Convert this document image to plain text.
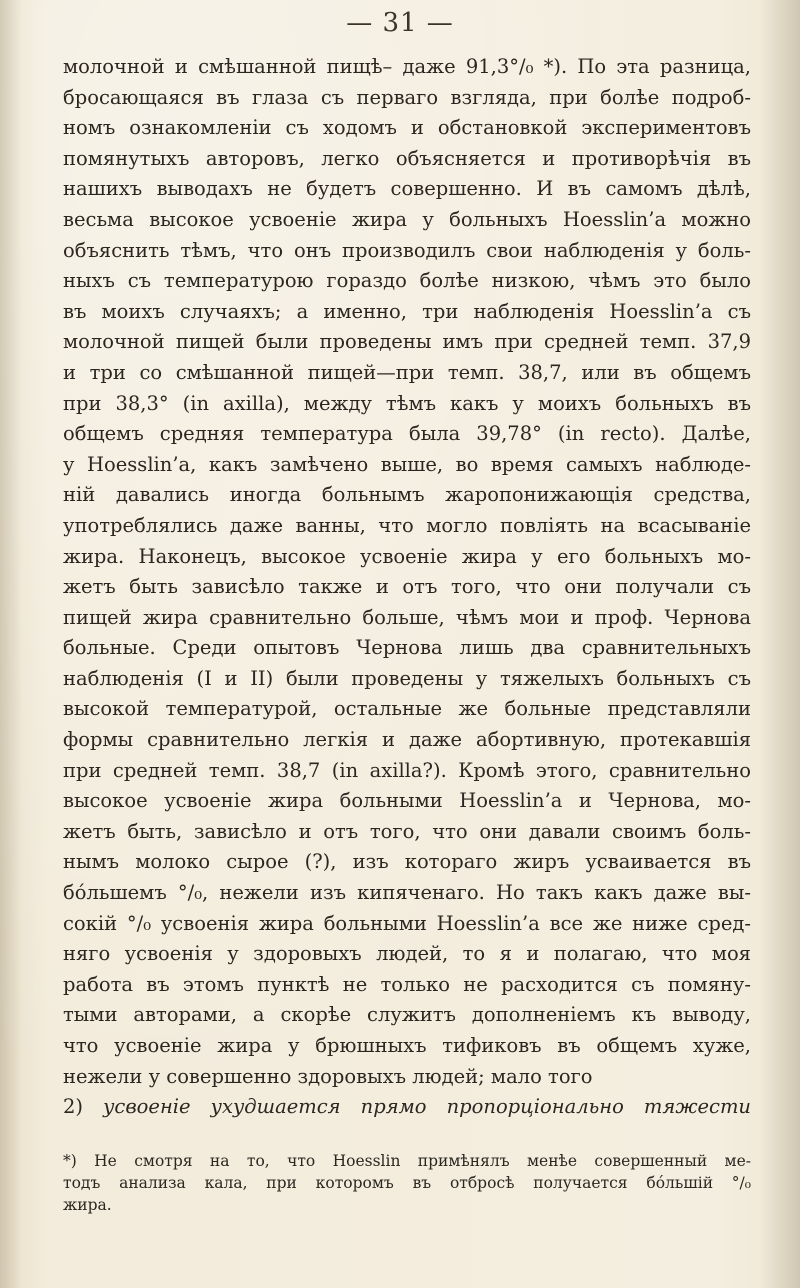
— 31 —
молочной и смѣшанной пищѣ– даже 91,3°/₀ *). По эта разница,
бросающаяся въ глаза съ перваго взгляда, при болѣе подроб-
номъ ознакомленіи съ ходомъ и обстановкой экспериментовъ
помянутыхъ авторовъ, легко объясняется и противорѣчія въ
нашихъ выводахъ не будетъ совершенно. И въ самомъ дѣлѣ,
весьма высокое усвоеніе жира у больныхъ Hoesslin’a можно
объяснить тѣмъ, что онъ производилъ свои наблюденія у боль-
ныхъ съ температурою гораздо болѣе низкою, чѣмъ это было
въ моихъ случаяхъ; а именно, три наблюденія Hoesslin’a съ
молочной пищей были проведены имъ при средней темп. 37,9
и три со смѣшанной пищей—при темп. 38,7, или въ общемъ
при 38,3° (in axilla), между тѣмъ какъ у моихъ больныхъ въ
общемъ средняя температура была 39,78° (in recto). Далѣе,
у Hoesslin’a, какъ замѣчено выше, во время самыхъ наблюде-
ній давались иногда больнымъ жаропонижающія средства,
употреблялись даже ванны, что могло повліять на всасываніе
жира. Наконецъ, высокое усвоеніе жира у его больныхъ мо-
жетъ быть зависѣло также и отъ того, что они получали съ
пищей жира сравнительно больше, чѣмъ мои и проф. Чернова
больные. Среди опытовъ Чернова лишь два сравнительныхъ
наблюденія (I и II) были проведены у тяжелыхъ больныхъ съ
высокой температурой, остальные же больные представляли
формы сравнительно легкія и даже абортивную, протекавшія
при средней темп. 38,7 (in axilla?). Кромѣ этого, сравнительно
высокое усвоеніе жира больными Hoesslin’a и Чернова, мо-
жетъ быть, зависѣло и отъ того, что они давали своимъ боль-
нымъ молоко сырое (?), изъ котораго жиръ усваивается въ
бо́льшемъ °/₀, нежели изъ кипяченаго. Но такъ какъ даже вы-
сокій °/₀ усвоенія жира больными Hoesslin’a все же ниже сред-
няго усвоенія у здоровыхъ людей, то я и полагаю, что моя
работа въ этомъ пунктѣ не только не расходится съ помяну-
тыми авторами, а скорѣе служитъ дополненіемъ къ выводу,
что усвоеніе жира у брюшныхъ тификовъ въ общемъ хуже,
нежели у совершенно здоровыхъ людей; мало того
2) усвоеніе ухудшается прямо пропорціонально тяжести
*) Не смотря на то, что Hoesslin примѣнялъ менѣе совершенный ме-
тодъ анализа кала, при которомъ въ отбросѣ получается бо́льшій °/₀
жира.
